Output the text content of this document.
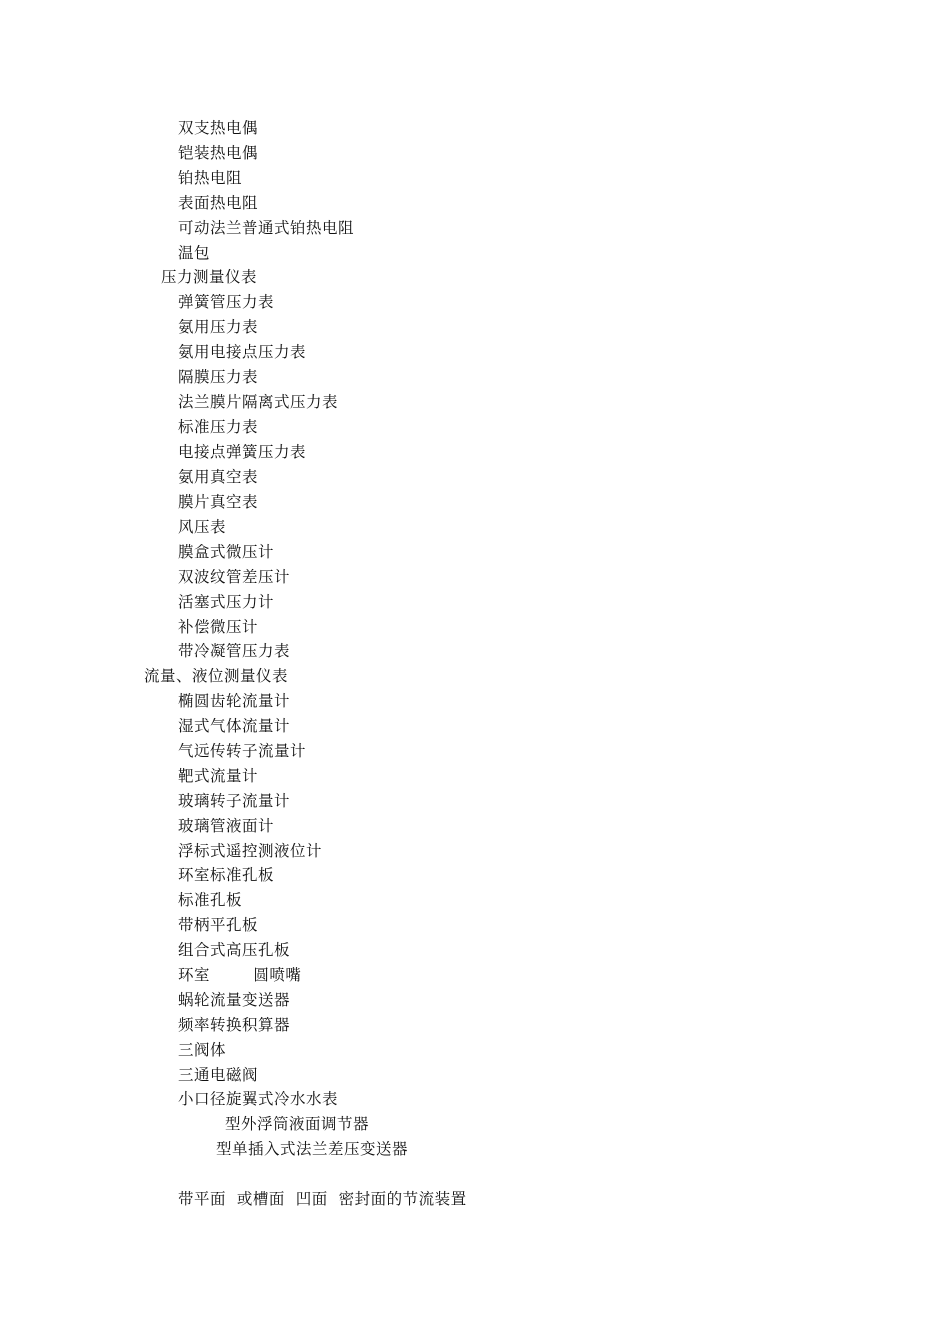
双支热电偶
铠装热电偶
铂热电阻
表面热电阻
可动法兰普通式铂热电阻
温包
压力测量仪表
弹簧管压力表
氨用压力表
氨用电接点压力表
隔膜压力表
法兰膜片隔离式压力表
标准压力表
电接点弹簧压力表
氨用真空表
膜片真空表
风压表
膜盒式微压计
双波纹管差压计
活塞式压力计
补偿微压计
带冷凝管压力表
流量、液位测量仪表
椭圆齿轮流量计
湿式气体流量计
气远传转子流量计
靶式流量计
玻璃转子流量计
玻璃管液面计
浮标式遥控测液位计
环室标准孔板
标准孔板
带柄平孔板
组合式高压孔板
环室        圆喷嘴
蜗轮流量变送器
频率转换积算器
三阀体
三通电磁阀
小口径旋翼式冷水水表
型外浮筒液面调节器
型单插入式法兰差压变送器
带平面  或槽面  凹面  密封面的节流装置
